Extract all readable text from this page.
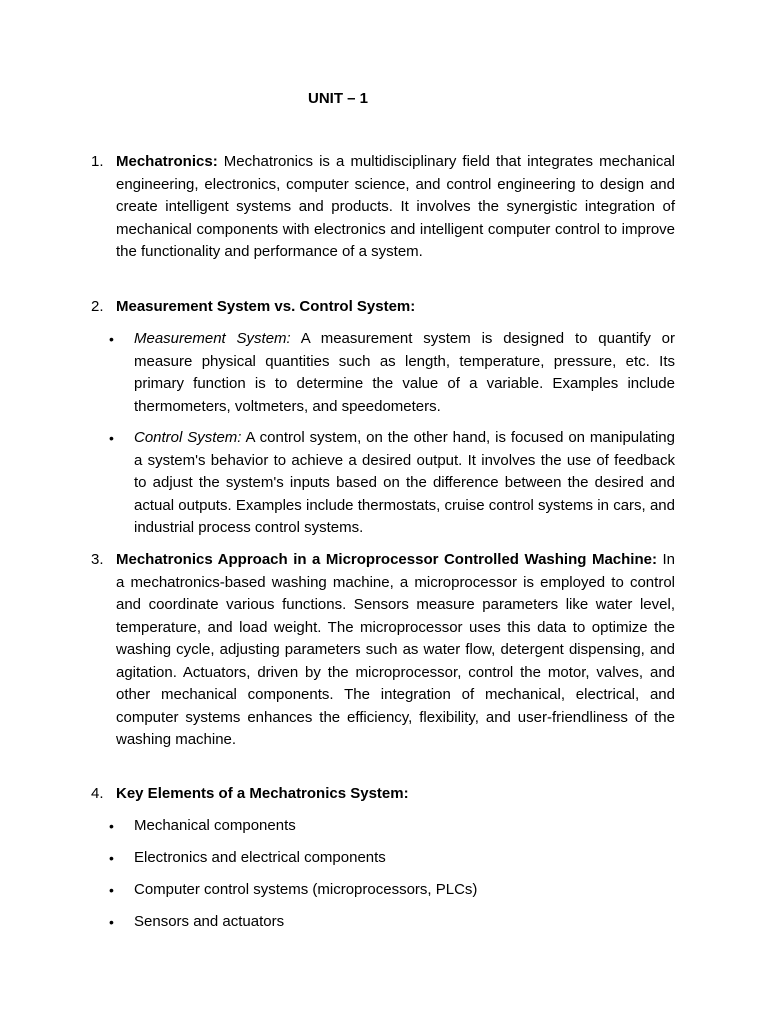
UNIT – 1
1. Mechatronics: Mechatronics is a multidisciplinary field that integrates mechanical engineering, electronics, computer science, and control engineering to design and create intelligent systems and products. It involves the synergistic integration of mechanical components with electronics and intelligent computer control to improve the functionality and performance of a system.
2. Measurement System vs. Control System:
• Measurement System: A measurement system is designed to quantify or measure physical quantities such as length, temperature, pressure, etc. Its primary function is to determine the value of a variable. Examples include thermometers, voltmeters, and speedometers.
• Control System: A control system, on the other hand, is focused on manipulating a system's behavior to achieve a desired output. It involves the use of feedback to adjust the system's inputs based on the difference between the desired and actual outputs. Examples include thermostats, cruise control systems in cars, and industrial process control systems.
3. Mechatronics Approach in a Microprocessor Controlled Washing Machine: In a mechatronics-based washing machine, a microprocessor is employed to control and coordinate various functions. Sensors measure parameters like water level, temperature, and load weight. The microprocessor uses this data to optimize the washing cycle, adjusting parameters such as water flow, detergent dispensing, and agitation. Actuators, driven by the microprocessor, control the motor, valves, and other mechanical components. The integration of mechanical, electrical, and computer systems enhances the efficiency, flexibility, and user-friendliness of the washing machine.
4. Key Elements of a Mechatronics System:
• Mechanical components
• Electronics and electrical components
• Computer control systems (microprocessors, PLCs)
• Sensors and actuators
